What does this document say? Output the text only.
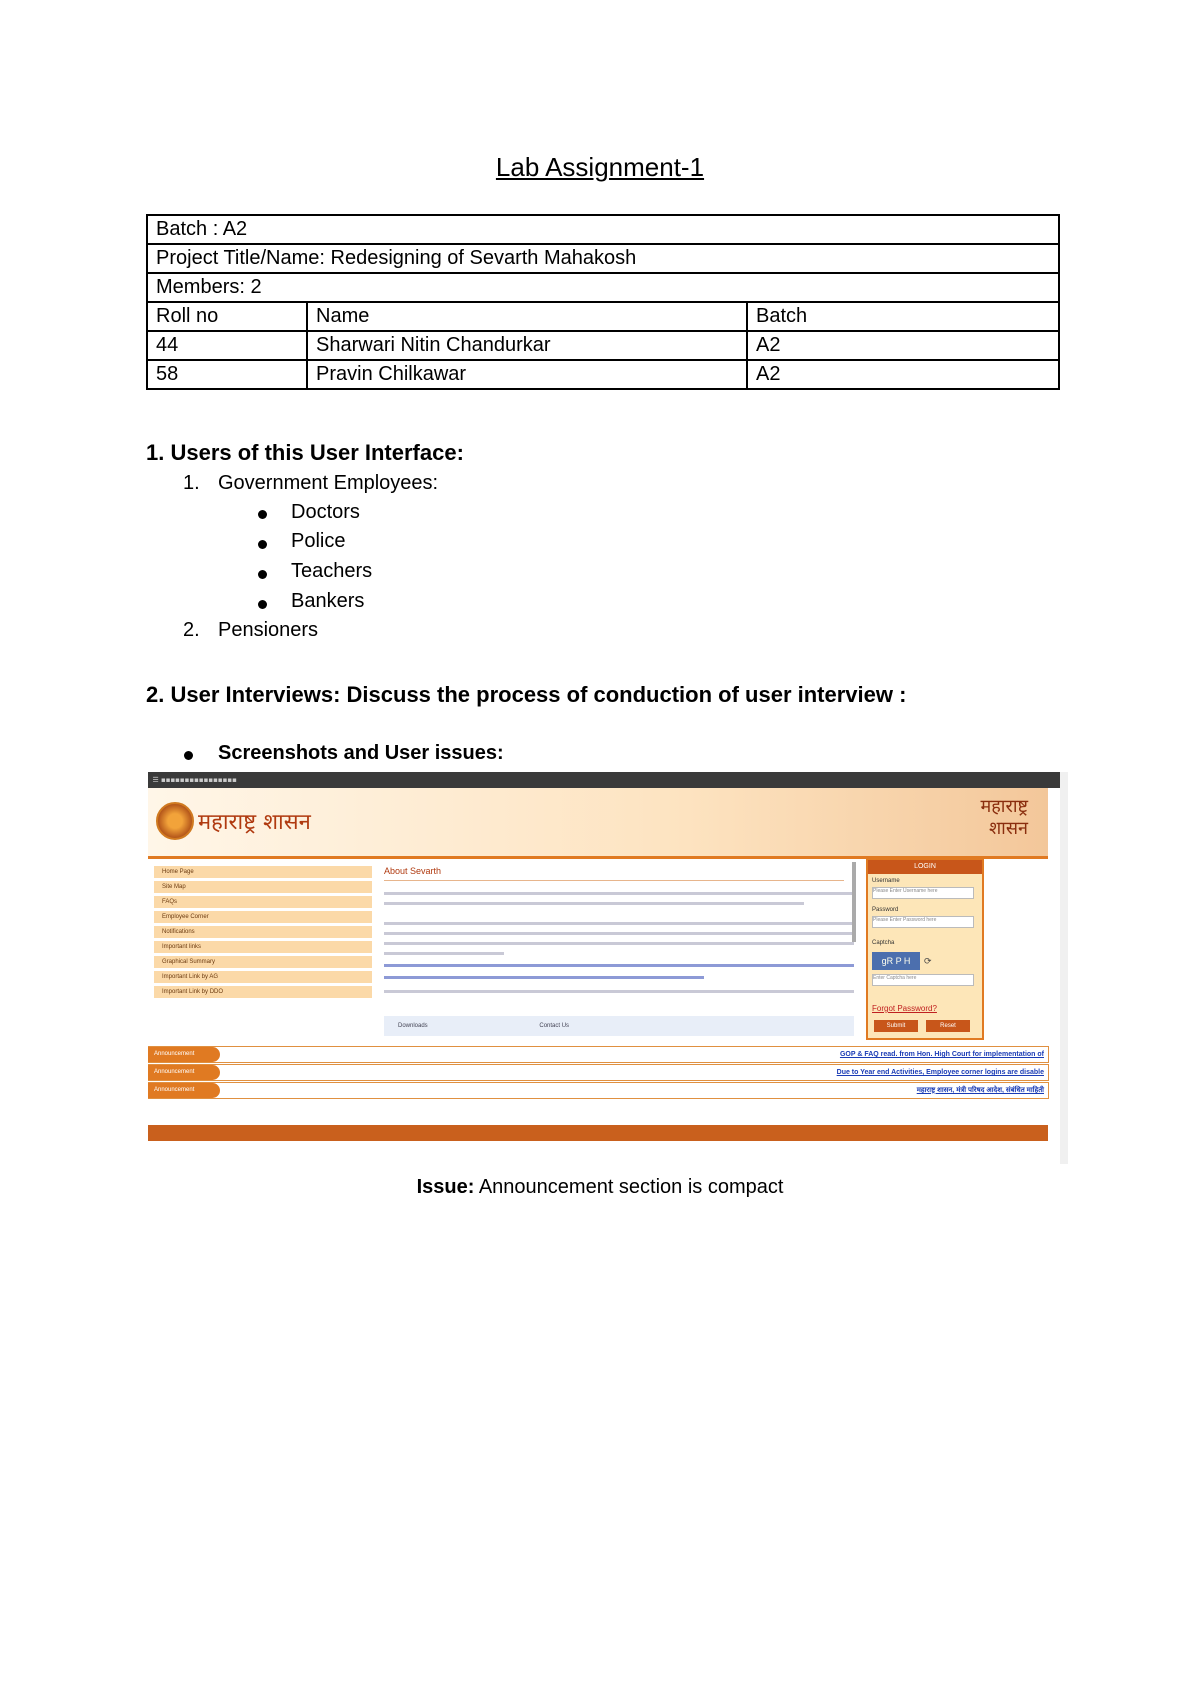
Lab Assignment-1
Batch : A2		
Project Title/Name: Redesigning of Sevarth Mahakosh		
Members: 2		
Roll no	Name	Batch
44	Sharwari Nitin Chandurkar	A2
58	Pravin Chilkawar	A2
1. Users of this User Interface:
1. Government Employees:
Doctors
Police
Teachers
Bankers
2. Pensioners
2. User Interviews: Discuss the process of conduction of user interview :
Screenshots and User issues:
☰ ▪▪▪▪▪▪▪▪▪▪▪▪▪▪▪▪
महाराष्ट्र शासन
महाराष्ट्र
शासन
Home Page
Site Map
FAQs
Employee Corner
Notifications
Important links
Graphical Summary
Important Link by AG
Important Link by DDO
About Sevarth
Downloads	Contact Us
LOGIN
Username
Please Enter Username here
Password
Please Enter Password here
Captcha
gR P H	⟳
Enter Captcha here
Forgot Password?
Submit	Reset
Announcement	GOP & FAQ read. from Hon. High Court for implementation of
Announcement	Due to Year end Activities, Employee corner logins are disable
Announcement	महाराष्ट्र शासन, मंत्री परिषद आदेश, संबंधित माहिती
Issue: Announcement section is compact
